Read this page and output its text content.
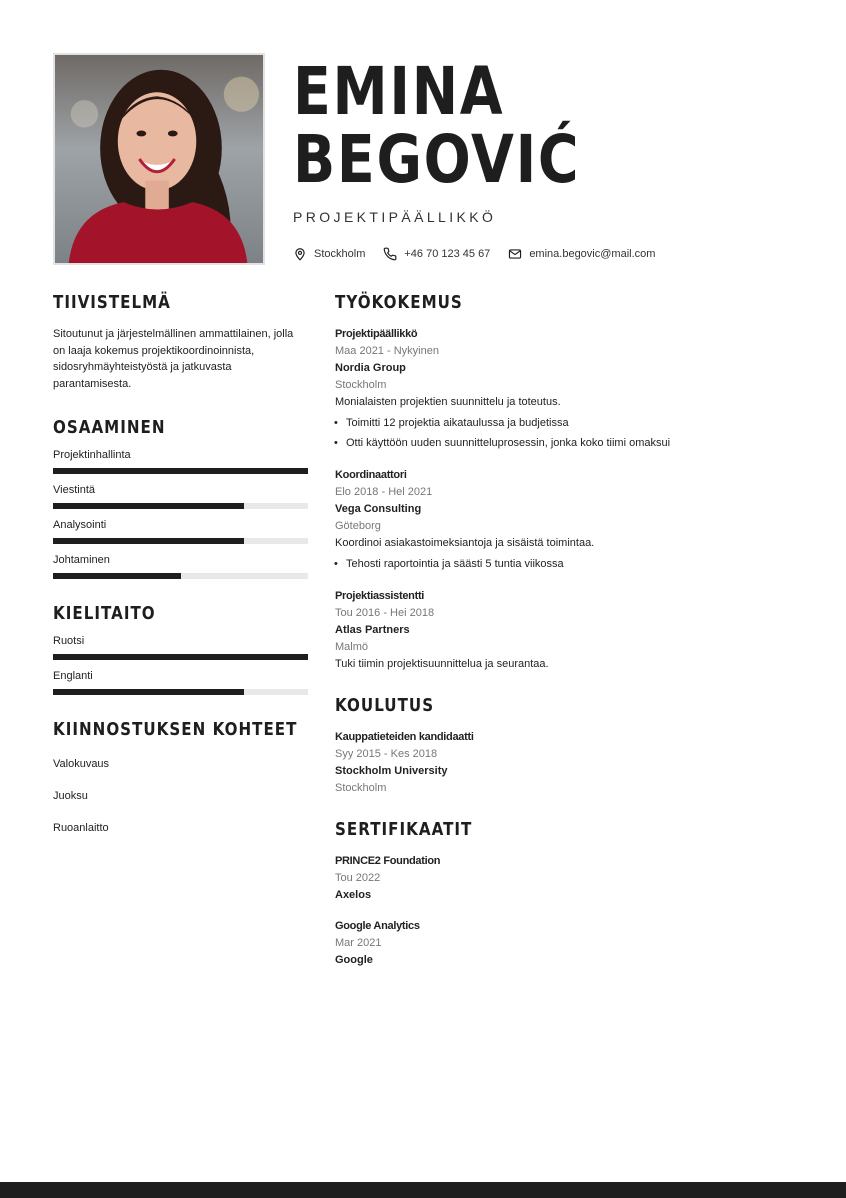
EMINA
BEGOVIĆ
PROJEKTIPÄÄLLIKKÖ
Stockholm	+46 70 123 45 67	emina.begovic@mail.com
TIIVISTELMÄ

Sitoutunut ja järjestelmällinen ammattilainen, jolla on laaja kokemus projektikoordinoinnista, sidosryhmäyhteistyöstä ja jatkuvasta parantamisesta.

OSAAMINEN
Projektinhallinta
Viestintä
Analysointi
Johtaminen
KIELITAITO
Ruotsi
Englanti
KIINNOSTUKSEN KOHTEET
Valokuvaus
Juoksu
Ruoanlaitto
TYÖKOKEMUS
Projektipäällikkö
Maa 2021 - Nykyinen
Nordia Group
Stockholm
Monialaisten projektien suunnittelu ja toteutus.
• Toimitti 12 projektia aikataulussa ja budjetissa
• Otti käyttöön uuden suunnitteluprosessin, jonka koko tiimi omaksui
Koordinaattori
Elo 2018 - Hel 2021
Vega Consulting
Göteborg
Koordinoi asiakastoimeksiantoja ja sisäistä toimintaa.
• Tehosti raportointia ja säästi 5 tuntia viikossa
Projektiassistentti
Tou 2016 - Hei 2018
Atlas Partners
Malmö
Tuki tiimin projektisuunnittelua ja seurantaa.
KOULUTUS
Kauppatieteiden kandidaatti
Syy 2015 - Kes 2018
Stockholm University
Stockholm
SERTIFIKAATIT
PRINCE2 Foundation
Tou 2022
Axelos
Google Analytics
Mar 2021
Google
